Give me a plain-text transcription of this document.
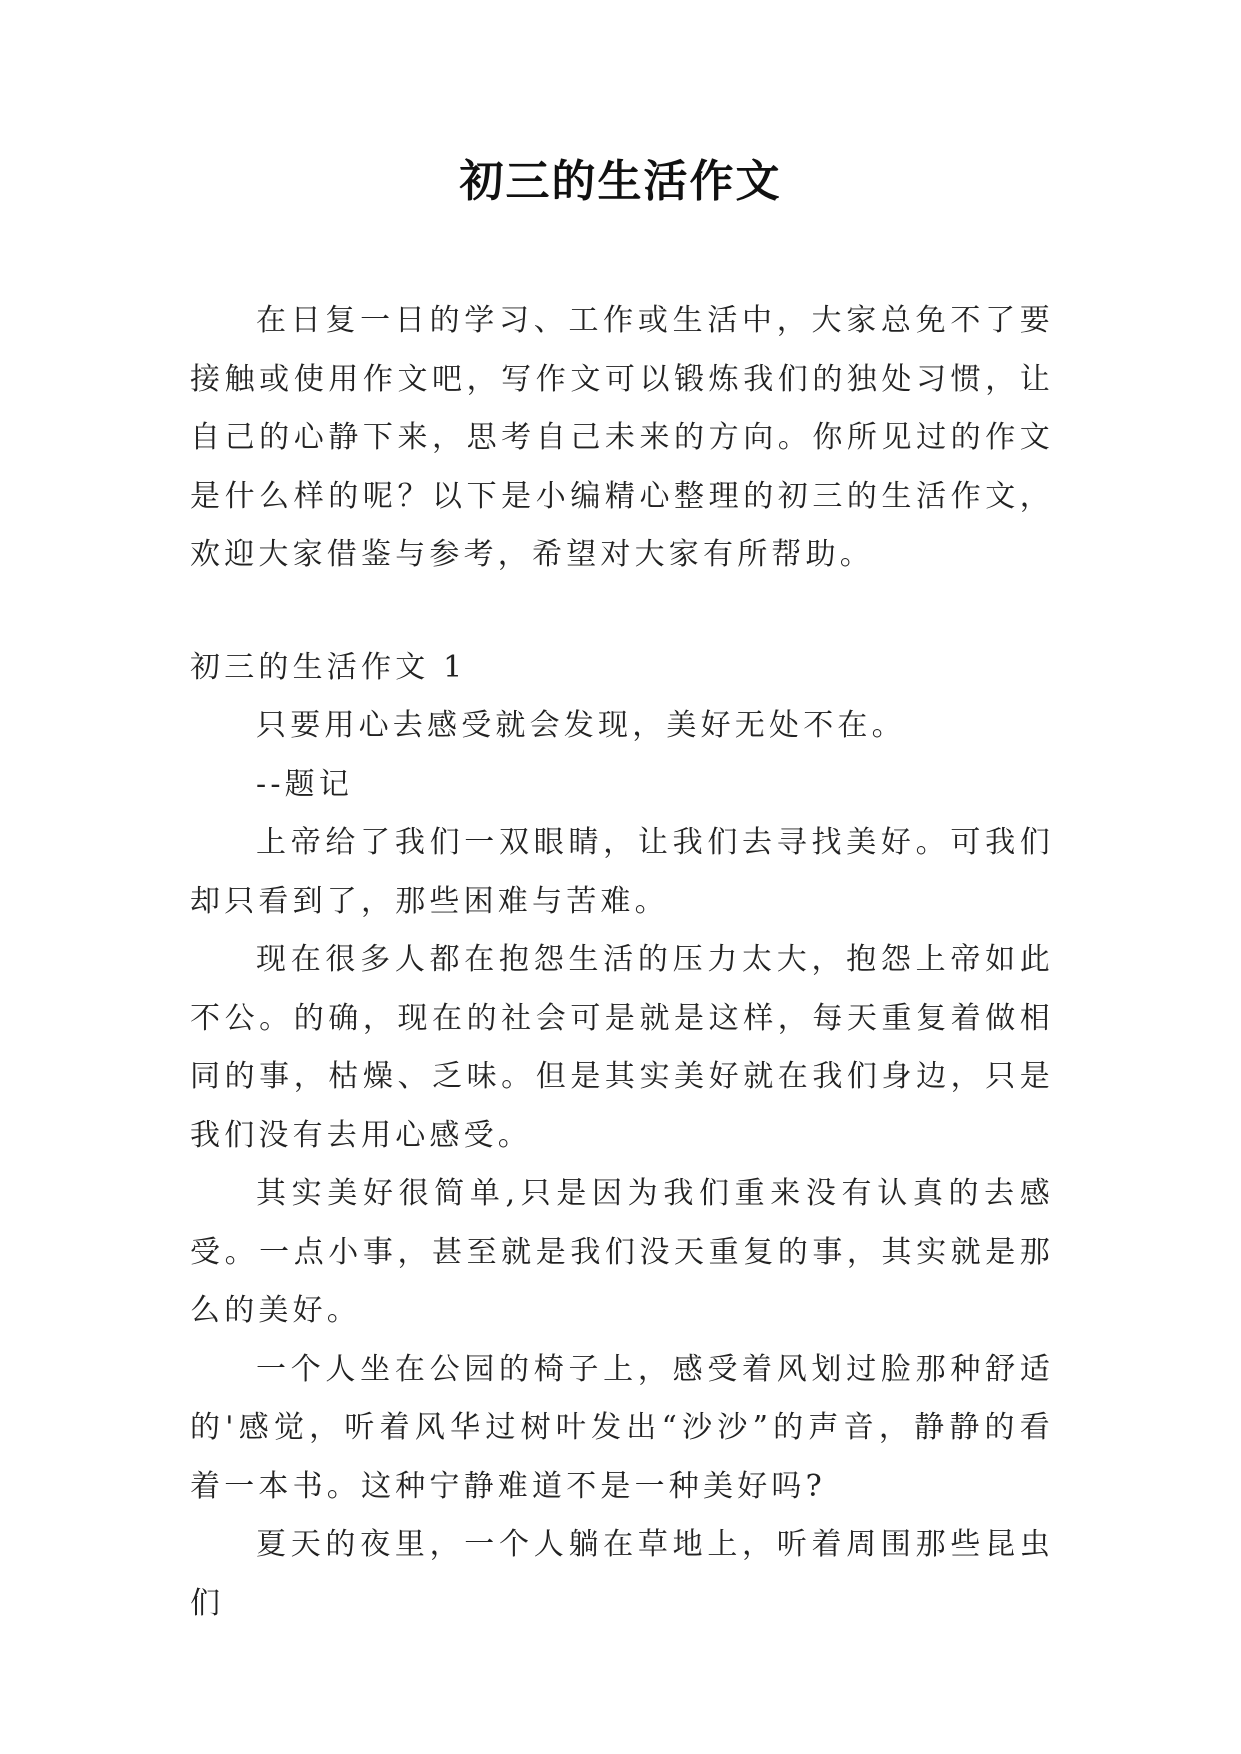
初三的生活作文

在日复一日的学习、工作或生活中，大家总免不了要接触或使用作文吧，写作文可以锻炼我们的独处习惯，让自己的心静下来，思考自己未来的方向。你所见过的作文是什么样的呢？以下是小编精心整理的初三的生活作文，欢迎大家借鉴与参考，希望对大家有所帮助。

初三的生活作文 1

只要用心去感受就会发现，美好无处不在。

--题记

上帝给了我们一双眼睛，让我们去寻找美好。可我们却只看到了，那些困难与苦难。

现在很多人都在抱怨生活的压力太大，抱怨上帝如此不公。的确，现在的社会可是就是这样，每天重复着做相同的事，枯燥、乏味。但是其实美好就在我们身边，只是我们没有去用心感受。

其实美好很简单,只是因为我们重来没有认真的去感受。一点小事，甚至就是我们没天重复的事，其实就是那么的美好。

一个人坐在公园的椅子上，感受着风划过脸那种舒适的'感觉，听着风华过树叶发出“沙沙”的声音，静静的看着一本书。这种宁静难道不是一种美好吗?

夏天的夜里，一个人躺在草地上，听着周围那些昆虫们
